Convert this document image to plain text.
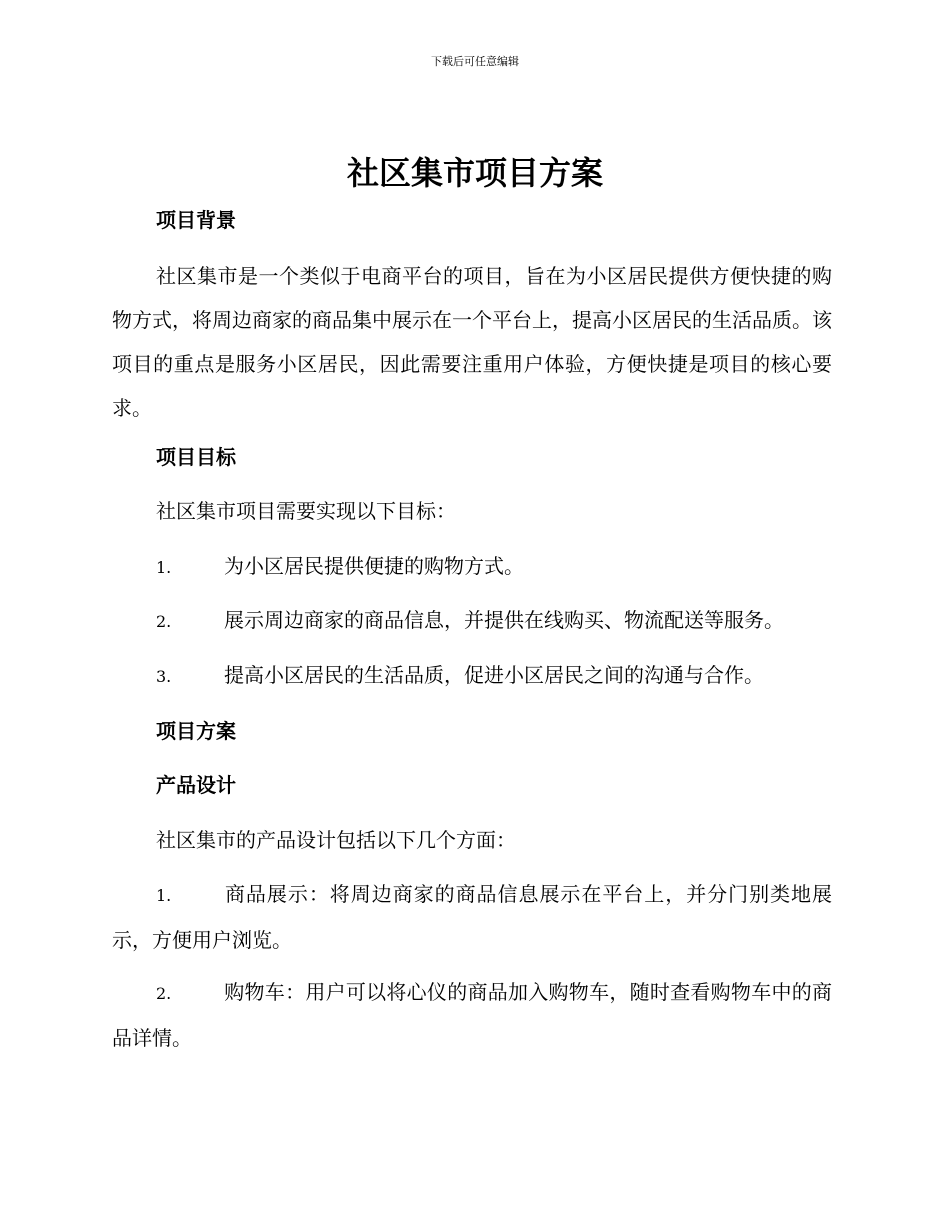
下载后可任意编辑
社区集市项目方案
项目背景
社区集市是一个类似于电商平台的项目，旨在为小区居民提供方便快捷的购物方式，将周边商家的商品集中展示在一个平台上，提高小区居民的生活品质。该项目的重点是服务小区居民，因此需要注重用户体验，方便快捷是项目的核心要求。
项目目标
社区集市项目需要实现以下目标：
1.	为小区居民提供便捷的购物方式。
2.	展示周边商家的商品信息，并提供在线购买、物流配送等服务。
3.	提高小区居民的生活品质，促进小区居民之间的沟通与合作。
项目方案
产品设计
社区集市的产品设计包括以下几个方面：
1.	商品展示：将周边商家的商品信息展示在平台上，并分门别类地展示，方便用户浏览。
2.	购物车：用户可以将心仪的商品加入购物车，随时查看购物车中的商品详情。
